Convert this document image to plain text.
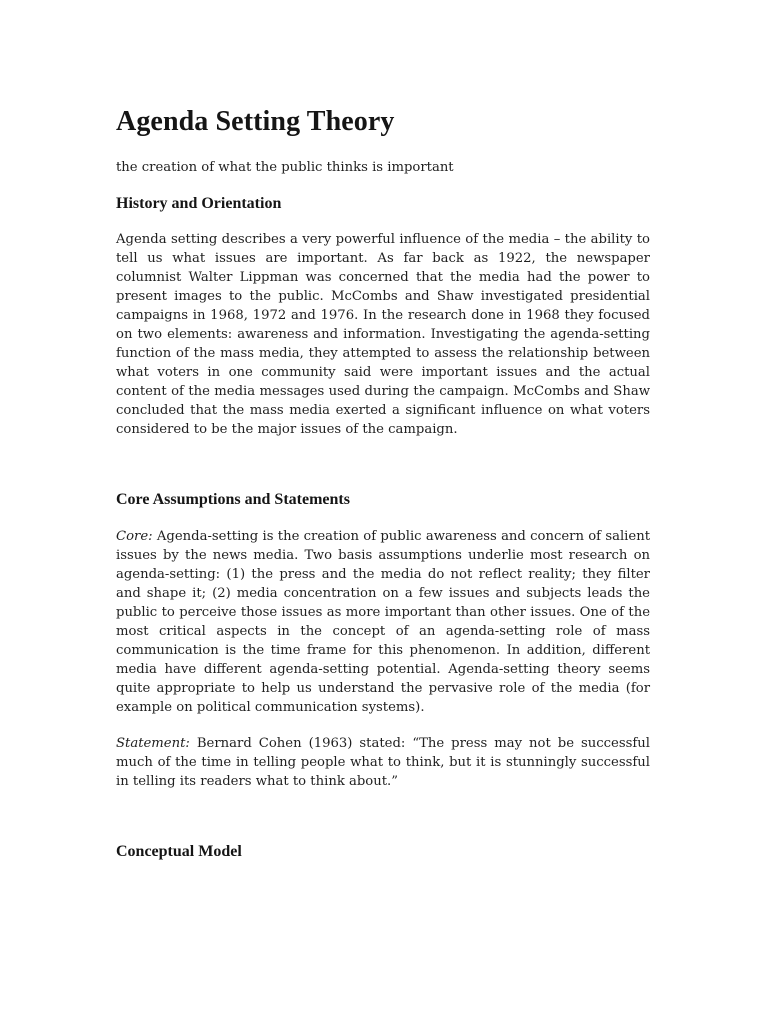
Agenda Setting Theory

the creation of what the public thinks is important

History and Orientation

Agenda setting describes a very powerful influence of the media – the ability to tell us what issues are important. As far back as 1922, the newspaper columnist Walter Lippman was concerned that the media had the power to present images to the public. McCombs and Shaw investigated presidential campaigns in 1968, 1972 and 1976. In the research done in 1968 they focused on two elements: awareness and information. Investigating the agenda-setting function of the mass media, they attempted to assess the relationship between what voters in one community said were important issues and the actual content of the media messages used during the campaign. McCombs and Shaw concluded that the mass media exerted a significant influence on what voters considered to be the major issues of the campaign.

Core Assumptions and Statements

Core: Agenda-setting is the creation of public awareness and concern of salient issues by the news media. Two basis assumptions underlie most research on agenda-setting: (1) the press and the media do not reflect reality; they filter and shape it; (2) media concentration on a few issues and subjects leads the public to perceive those issues as more important than other issues. One of the most critical aspects in the concept of an agenda-setting role of mass communication is the time frame for this phenomenon. In addition, different media have different agenda-setting potential. Agenda-setting theory seems quite appropriate to help us understand the pervasive role of the media (for example on political communication systems).

Statement: Bernard Cohen (1963) stated: “The press may not be successful much of the time in telling people what to think, but it is stunningly successful in telling its readers what to think about.”

Conceptual Model
